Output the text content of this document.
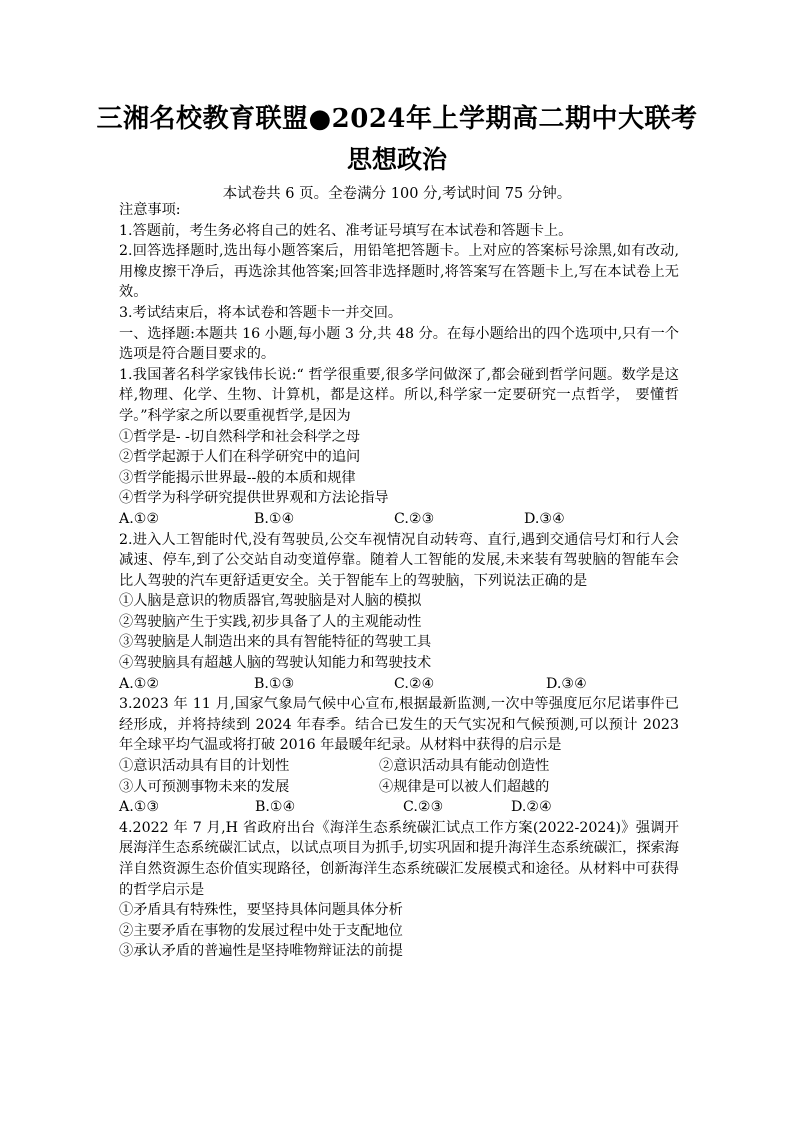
三湘名校教育联盟●2024年上学期高二期中大联考
思想政治
本试卷共 6 页。全卷满分 100 分,考试时间 75 分钟。

注意事项:

1.答题前，考生务必将自己的姓名、准考证号填写在本试卷和答题卡上。

2.回答选择题时,选出每小题答案后，用铅笔把答题卡。上对应的答案标号涂黑,如有改动,用橡皮擦干净后，再选涂其他答案;回答非选择题时,将答案写在答题卡上,写在本试卷上无效。

3.考试结束后，将本试卷和答题卡一并交回。

一、选择题:本题共 16 小题,每小题 3 分,共 48 分。在每小题给出的四个选项中,只有一个选项是符合题目要求的。

1.我国著名科学家钱伟长说:“ 哲学很重要,很多学问做深了,都会碰到哲学问题。数学是这样,物理、化学、生物、计算机，都是这样。所以,科学家一定要研究一点哲学， 要懂哲学。”科学家之所以要重视哲学,是因为

①哲学是- -切自然科学和社会科学之母

②哲学起源于人们在科学研究中的追问

③哲学能揭示世界最--般的本质和规律

④哲学为科学研究提供世界观和方法论指导

A.①②	B.①④	C.②③	D.③④

2.进入人工智能时代,没有驾驶员,公交车视情况自动转弯、直行,遇到交通信号灯和行人会减速、停车,到了公交站自动变道停靠。随着人工智能的发展,未来装有驾驶脑的智能车会比人驾驶的汽车更舒适更安全。关于智能车上的驾驶脑，下列说法正确的是

①人脑是意识的物质器官,驾驶脑是对人脑的模拟

②驾驶脑产生于实践,初步具备了人的主观能动性

③驾驶脑是人制造出来的具有智能特征的驾驶工具

④驾驶脑具有超越人脑的驾驶认知能力和驾驶技术

A.①②	B.①③	C.②④	D.③④

3.2023 年 11 月,国家气象局气候中心宣布,根据最新监测,一次中等强度厄尔尼诺事件已经形成，并将持续到 2024 年春季。结合已发生的天气实况和气候预测,可以预计 2023 年全球平均气温或将打破 2016 年最暖年纪录。从材料中获得的启示是

①意识活动具有目的计划性	②意识活动具有能动创造性
③人可预测事物未来的发展	④规律是可以被人们超越的
A.①③	B.①④	C.②③	D.②④

4.2022 年 7 月,H 省政府出台《海洋生态系统碳汇试点工作方案(2022-2024)》强调开展海洋生态系统碳汇试点，以试点项目为抓手,切实巩固和提升海洋生态系统碳汇，探索海洋自然资源生态价值实现路径，创新海洋生态系统碳汇发展模式和途径。从材料中可获得的哲学启示是

①矛盾具有特殊性，要坚持具体问题具体分析

②主要矛盾在事物的发展过程中处于支配地位

③承认矛盾的普遍性是坚持唯物辩证法的前提
